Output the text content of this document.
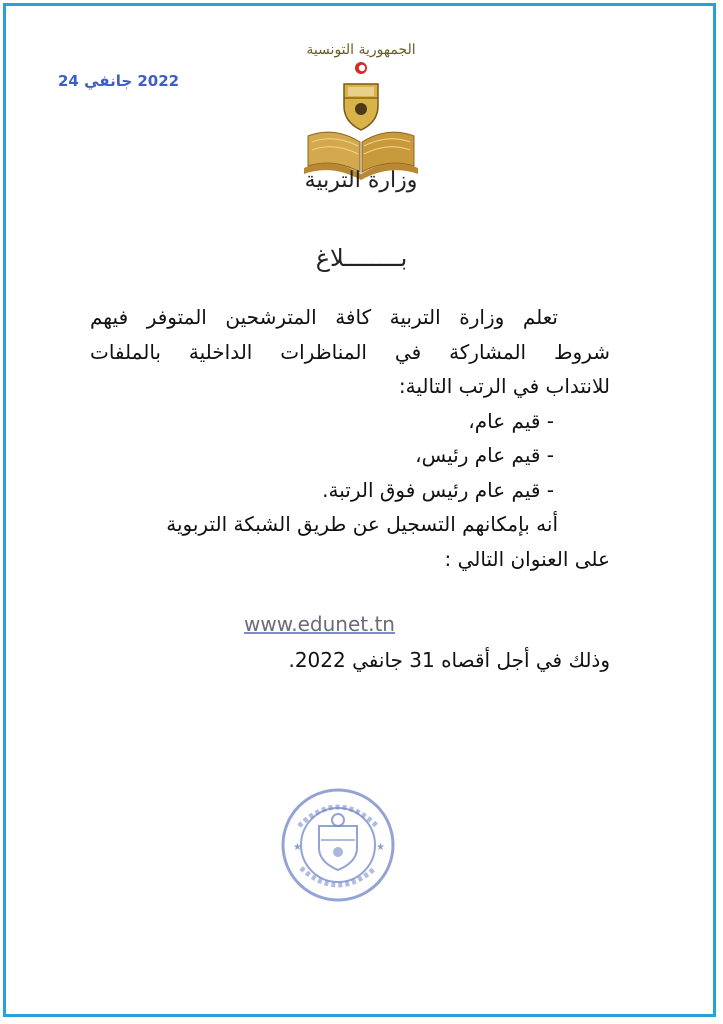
2022 جانفي 24
الجمهورية التونسية
وزارة التربية
بــــــــلاغ
تعلم وزارة التربية كافة المترشحين المتوفر فيهم
شروط المشاركة في المناظرات الداخلية بالملفات
للانتداب في الرتب التالية:
- قيم عام،
- قيم عام رئيس،
- قيم عام رئيس فوق الرتبة.
أنه بإمكانهم التسجيل عن طريق الشبكة التربوية
على العنوان التالي :
www.edunet.tn
وذلك في أجل أقصاه 31 جانفي 2022.
★	★
